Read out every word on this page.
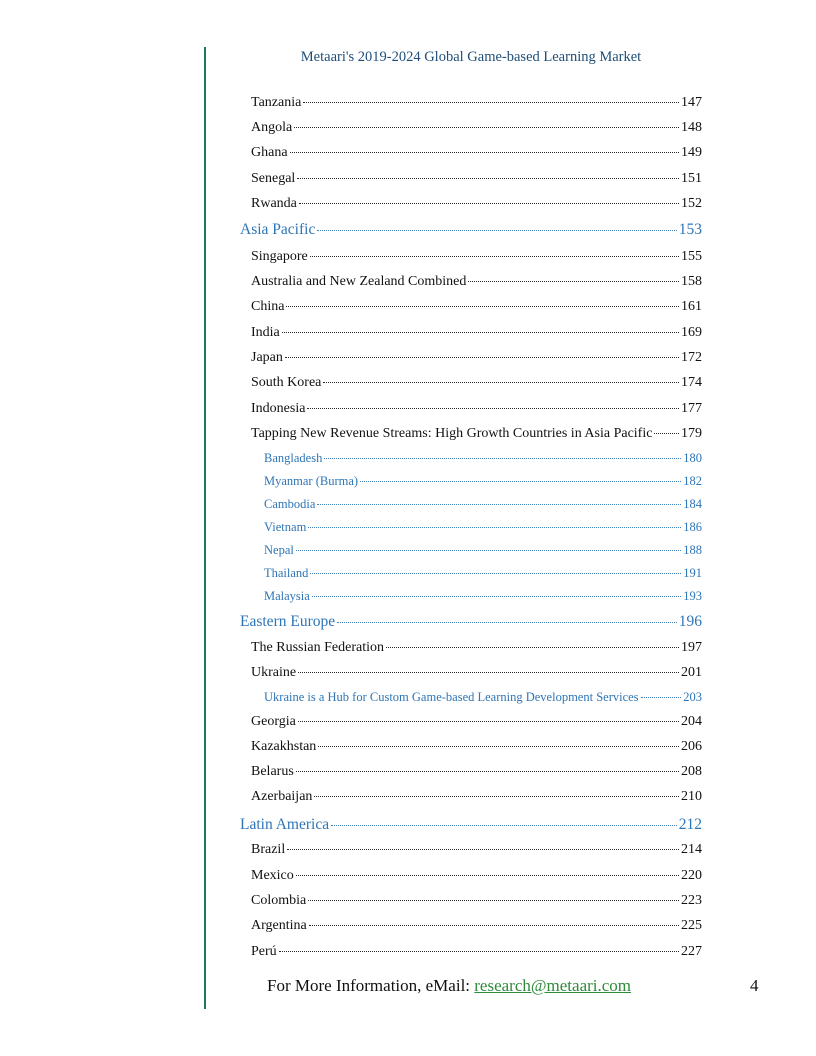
Metaari's 2019-2024 Global Game-based Learning Market
Tanzania	147
Angola	148
Ghana	149
Senegal	151
Rwanda	152
Asia Pacific	153
Singapore	155
Australia and New Zealand Combined	158
China	161
India	169
Japan	172
South Korea	174
Indonesia	177
Tapping New Revenue Streams: High Growth Countries in Asia Pacific 179
Bangladesh	180
Myanmar (Burma)	182
Cambodia	184
Vietnam	186
Nepal	188
Thailand	191
Malaysia	193
Eastern Europe	196
The Russian Federation	197
Ukraine	201
Ukraine is a Hub for Custom Game-based Learning Development Services	203
Georgia	204
Kazakhstan	206
Belarus	208
Azerbaijan	210
Latin America	212
Brazil	214
Mexico	220
Colombia	223
Argentina	225
Perú	227
For More Information, eMail: research@metaari.com	4
